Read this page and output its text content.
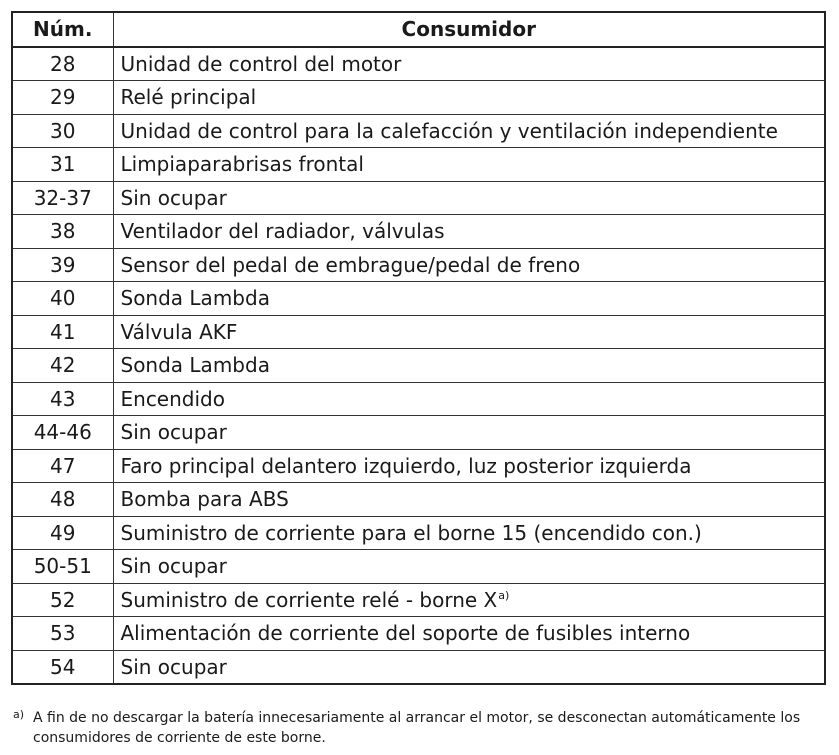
Núm.	Consumidor
28	Unidad de control del motor
29	Relé principal
30	Unidad de control para la calefacción y ventilación independiente
31	Limpiaparabrisas frontal
32-37	Sin ocupar
38	Ventilador del radiador, válvulas
39	Sensor del pedal de embrague/pedal de freno
40	Sonda Lambda
41	Válvula AKF
42	Sonda Lambda
43	Encendido
44-46	Sin ocupar
47	Faro principal delantero izquierdo, luz posterior izquierda
48	Bomba para ABS
49	Suministro de corriente para el borne 15 (encendido con.)
50-51	Sin ocupar
52	Suministro de corriente relé - borne X$^{a)}$
53	Alimentación de corriente del soporte de fusibles interno
54	Sin ocupar
a) A fin de no descargar la batería innecesariamente al arrancar el motor, se desconectan automáticamente los consumidores de corriente de este borne.
